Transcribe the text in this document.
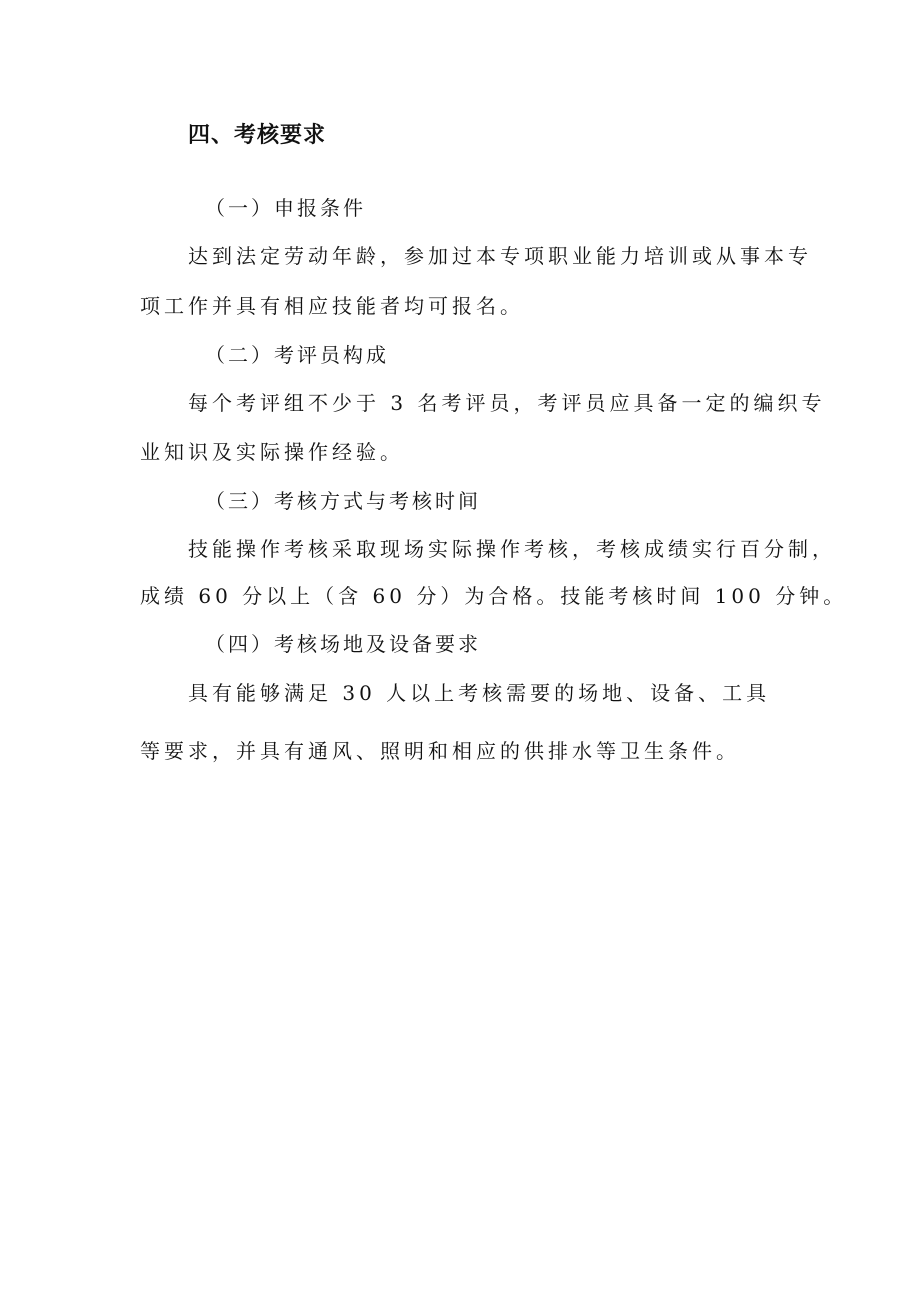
四、考核要求
（一）申报条件
达到法定劳动年龄，参加过本专项职业能力培训或从事本专
项工作并具有相应技能者均可报名。
（二）考评员构成
每个考评组不少于 3 名考评员，考评员应具备一定的编织专
业知识及实际操作经验。
（三）考核方式与考核时间
技能操作考核采取现场实际操作考核，考核成绩实行百分制，
成绩 60 分以上（含 60 分）为合格。技能考核时间 100 分钟。
（四）考核场地及设备要求
具有能够满足 30 人以上考核需要的场地、设备、工具
等要求，并具有通风、照明和相应的供排水等卫生条件。
